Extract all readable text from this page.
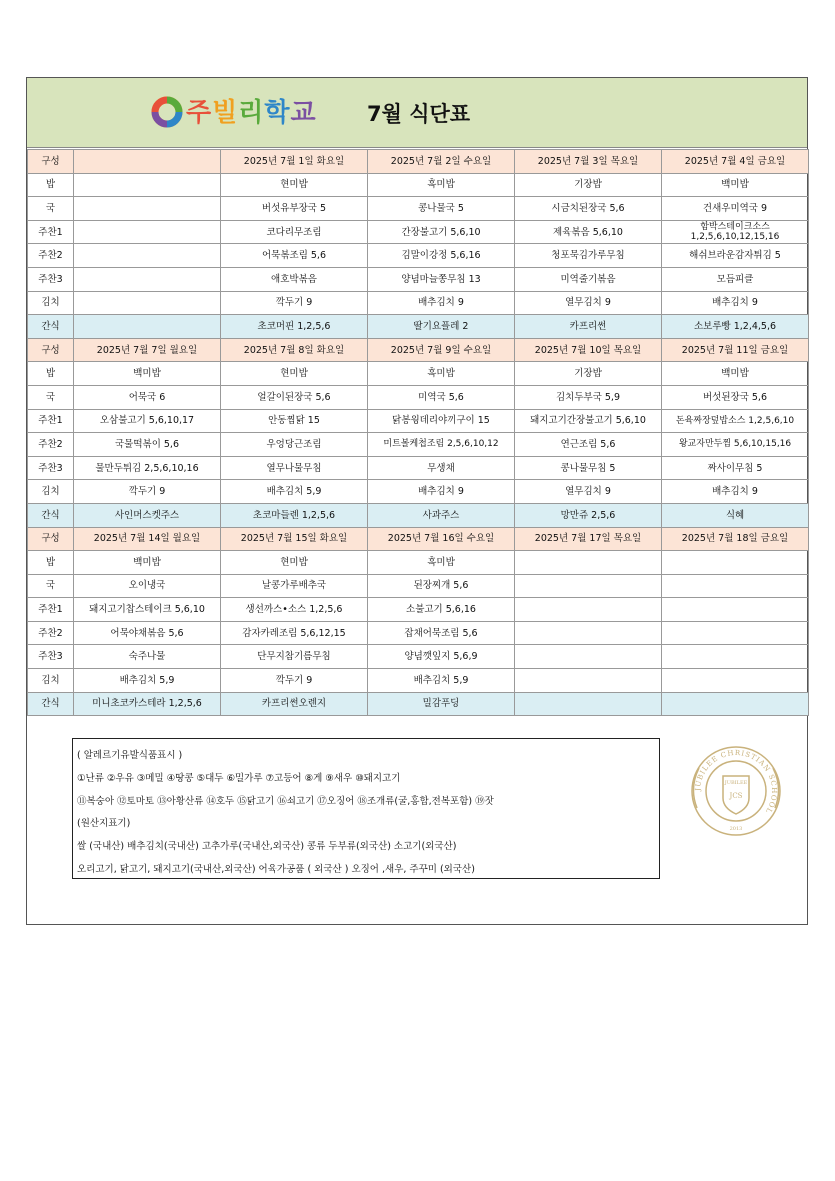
주빌리학교 7월 식단표
구성		2025년 7월 1일 화요일	2025년 7월 2일 수요일	2025년 7월 3일 목요일	2025년 7월 4일 금요일
밥		현미밥	흑미밥	기장밥	백미밥
국		버섯유부장국 5	콩나물국 5	시금치된장국 5,6	건새우미역국 9
주찬1		코다리무조림	간장불고기 5,6,10	제육볶음 5,6,10	함박스테이크소스 1,2,5,6,10,12,15,16
주찬2		어묵볶조림 5,6	김말이강정 5,6,16	청포묵김가루무침	해쉬브라운감자튀김 5
주찬3		애호박볶음	양념마늘쫑무침 13	미역줄기볶음	모듬피클
김치		깍두기 9	배추김치 9	열무김치 9	배추김치 9
간식		초코머핀 1,2,5,6	딸기요플레 2	카프리썬	소보루빵 1,2,4,5,6
구성	2025년 7월 7일 월요일	2025년 7월 8일 화요일	2025년 7월 9일 수요일	2025년 7월 10일 목요일	2025년 7월 11일 금요일
밥	백미밥	현미밥	흑미밥	기장밥	백미밥
국	어묵국 6	얼갈이된장국 5,6	미역국 5,6	김치두부국 5,9	버섯된장국 5,6
주찬1	오삼불고기 5,6,10,17	안동찜닭 15	닭봉윙데리야끼구이 15	돼지고기간장불고기 5,6,10	돈육짜장덮밥소스 1,2,5,6,10
주찬2	국물떡볶이 5,6	우엉당근조림	미트볼케첩조림 2,5,6,10,12	연근조림 5,6	왕교자만두찜 5,6,10,15,16
주찬3	물만두튀김 2,5,6,10,16	열무나물무침	무생채	콩나물무침 5	짜사이무침 5
김치	깍두기 9	배추김치 5,9	배추김치 9	열무김치 9	배추김치 9
간식	사인머스켓주스	초코마들렌 1,2,5,6	사과주스	망만쥬 2,5,6	식혜
구성	2025년 7월 14일 월요일	2025년 7월 15일 화요일	2025년 7월 16일 수요일	2025년 7월 17일 목요일	2025년 7월 18일 금요일
밥	백미밥	현미밥	흑미밥		
국	오이냉국	날콩가루배추국	된장찌개 5,6		
주찬1	돼지고기찹스테이크 5,6,10	생선까스•소스 1,2,5,6	소불고기 5,6,16		
주찬2	어묵야채볶음 5,6	감자카레조림 5,6,12,15	잡채어묵조림 5,6		
주찬3	숙주나물	단무지참기름무침	양념깻잎지 5,6,9		
김치	배추김치 5,9	깍두기 9	배추김치 5,9		
간식	미니초코카스테라 1,2,5,6	카프리썬오렌지	밀감푸딩		
( 알레르기유발식품표시 )
①난류 ②우유 ③메밀 ④땅콩 ⑤대두 ⑥밀가루 ⑦고등어 ⑧게 ⑨새우 ⑩돼지고기
⑪복숭아 ⑫토마토 ⑬아황산류 ⑭호두 ⑮닭고기 ⑯쇠고기 ⑰오징어 ⑱조개류(굴,홍합,전복포함) ⑲잣
(원산지표기)
쌀 (국내산) 배추김치(국내산) 고추가루(국내산,외국산) 콩류 두부류(외국산) 소고기(외국산)
오리고기, 닭고기, 돼지고기(국내산,외국산) 어육가공품 ( 외국산 ) 오징어 ,새우, 주꾸미 (외국산)
JUBILEE CHRISTIAN SCHOOL
JUBILEE
JCS
2013
